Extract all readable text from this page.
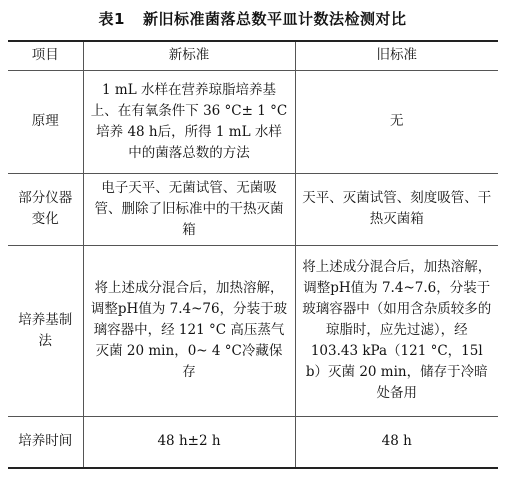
表1 新旧标准菌落总数平皿计数法检测对比
项目	新标准	旧标准
原理	1 mL 水样在营养琼脂培养基上、在有氧条件下 36 °C± 1 °C培养 48 h后，所得 1 mL 水样中的菌落总数的方法	无
部分仪器变化	电子天平、无菌试管、无菌吸管、删除了旧标准中的干热灭菌箱	天平、灭菌试管、刻度吸管、干热灭菌箱
培养基制法	将上述成分混合后，加热溶解，调整pH值为 7.4~76，分装于玻璃容器中，经 121 °C 高压蒸气灭菌 20 min，0~ 4 °C冷藏保存	将上述成分混合后，加热溶解，调整pH值为 7.4~7.6，分装于玻璃容器中（如用含杂质较多的琼脂时，应先过滤），经 103.43 kPa（121 °C，15l b）灭菌 20 min，储存于冷暗处备用
培养时间	48 h±2 h	48 h
